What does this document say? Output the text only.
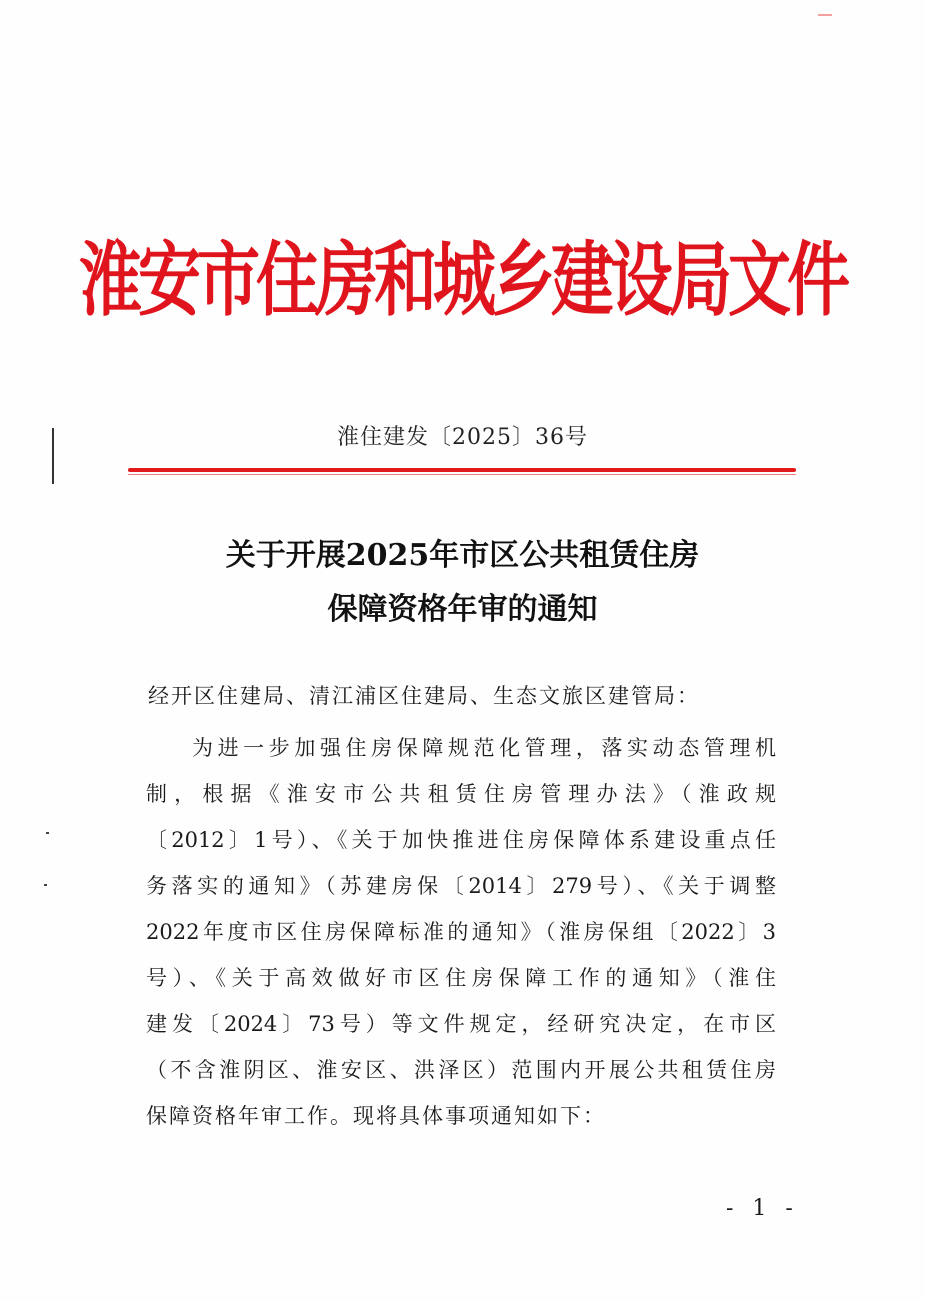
淮安市住房和城乡建设局文件
淮住建发〔2025〕36号
关于开展2025年市区公共租赁住房
保障资格年审的通知
经开区住建局、清江浦区住建局、生态文旅区建管局：
为进一步加强住房保障规范化管理，落实动态管理机
制，根据《淮安市公共租赁住房管理办法》（淮政规
〔2012〕1号）、《关于加快推进住房保障体系建设重点任
务落实的通知》（苏建房保〔2014〕279号）、《关于调整
2022年度市区住房保障标准的通知》（淮房保组〔2022〕3
号）、《关于高效做好市区住房保障工作的通知》（淮住
建发〔2024〕73号）等文件规定，经研究决定，在市区
（不含淮阴区、淮安区、洪泽区）范围内开展公共租赁住房
保障资格年审工作。现将具体事项通知如下：
- 1 -
